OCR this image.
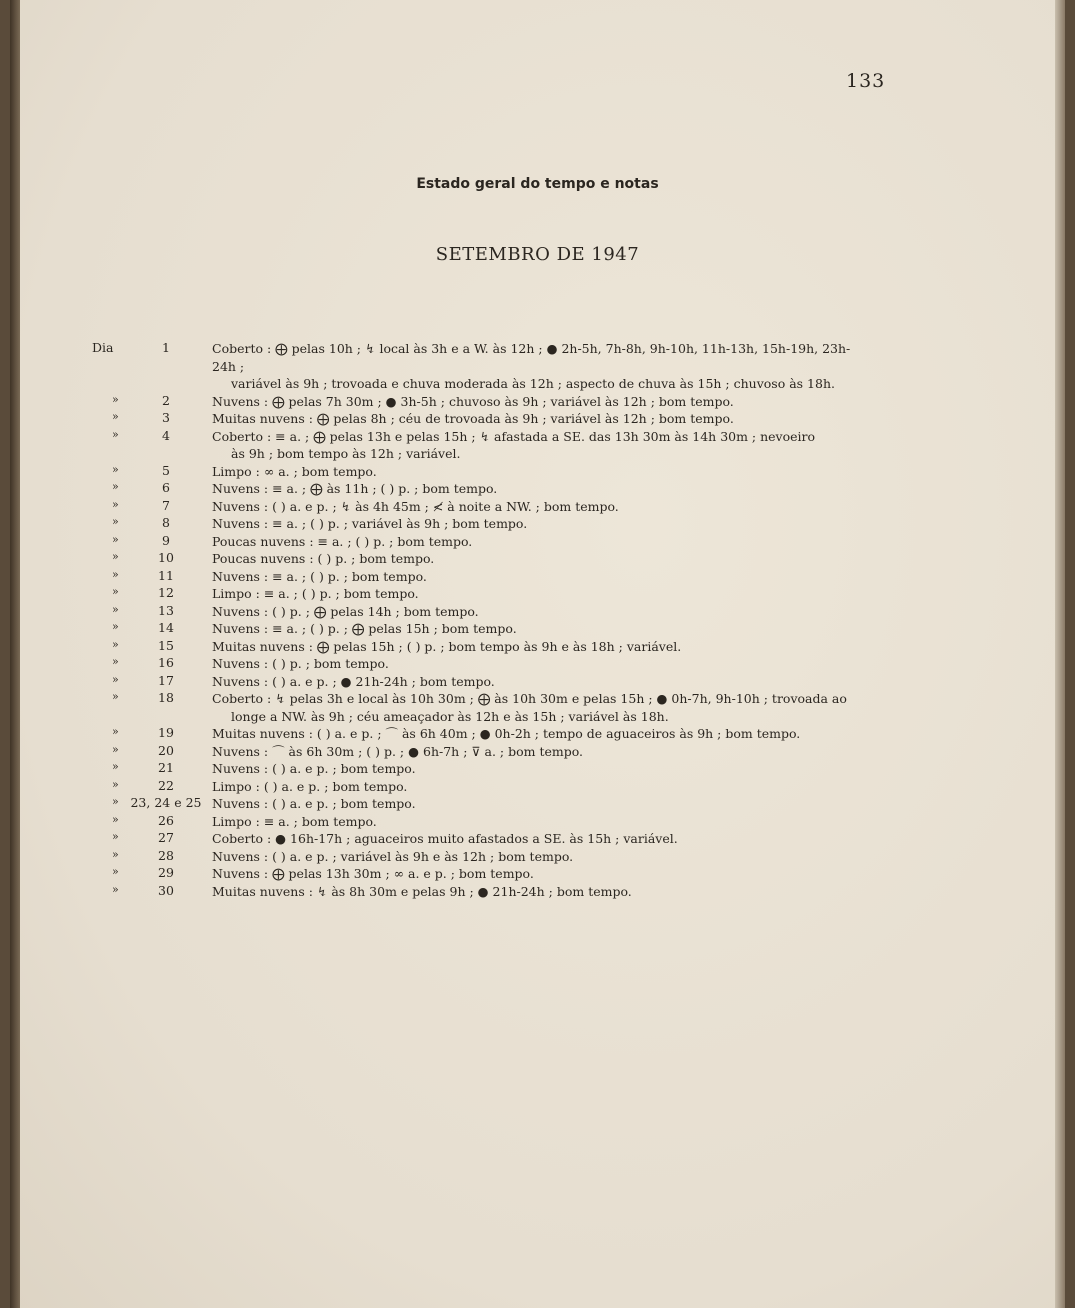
133
Estado geral do tempo e notas
SETEMBRO DE 1947
Dia	1	Coberto : ⨁ pelas 10h ; ↯ local às 3h e a W. às 12h ; ● 2h-5h, 7h-8h, 9h-10h, 11h-13h, 15h-19h, 23h-24h ;
variável às 9h ; trovoada e chuva moderada às 12h ; aspecto de chuva às 15h ; chuvoso às 18h.
»	2	Nuvens : ⨁ pelas 7h 30m ; ● 3h-5h ; chuvoso às 9h ; variável às 12h ; bom tempo.
»	3	Muitas nuvens : ⨁ pelas 8h ; céu de trovoada às 9h ; variável às 12h ; bom tempo.
»	4	Coberto : ≡ a. ; ⨁ pelas 13h e pelas 15h ; ↯ afastada a SE. das 13h 30m às 14h 30m ; nevoeiro
às 9h ; bom tempo às 12h ; variável.
»	5	Limpo : ∞ a. ; bom tempo.
»	6	Nuvens : ≡ a. ; ⨁ às 11h ; ( ) p. ; bom tempo.
»	7	Nuvens : ( ) a. e p. ; ↯ às 4h 45m ; ≮ à noite a NW. ; bom tempo.
»	8	Nuvens : ≡ a. ; ( ) p. ; variável às 9h ; bom tempo.
»	9	Poucas nuvens : ≡ a. ; ( ) p. ; bom tempo.
»	10	Poucas nuvens : ( ) p. ; bom tempo.
»	11	Nuvens : ≡ a. ; ( ) p. ; bom tempo.
»	12	Limpo : ≡ a. ; ( ) p. ; bom tempo.
»	13	Nuvens : ( ) p. ; ⨁ pelas 14h ; bom tempo.
»	14	Nuvens : ≡ a. ; ( ) p. ; ⨁ pelas 15h ; bom tempo.
»	15	Muitas nuvens : ⨁ pelas 15h ; ( ) p. ; bom tempo às 9h e às 18h ; variável.
»	16	Nuvens : ( ) p. ; bom tempo.
»	17	Nuvens : ( ) a. e p. ; ● 21h-24h ; bom tempo.
»	18	Coberto : ↯ pelas 3h e local às 10h 30m ; ⨁ às 10h 30m e pelas 15h ; ● 0h-7h, 9h-10h ; trovoada ao
longe a NW. às 9h ; céu ameaçador às 12h e às 15h ; variável às 18h.
»	19	Muitas nuvens : ( ) a. e p. ; ⌒ às 6h 40m ; ● 0h-2h ; tempo de aguaceiros às 9h ; bom tempo.
»	20	Nuvens : ⌒ às 6h 30m ; ( ) p. ; ● 6h-7h ; ⊽ a. ; bom tempo.
»	21	Nuvens : ( ) a. e p. ; bom tempo.
»	22	Limpo : ( ) a. e p. ; bom tempo.
» 23, 24 e 25 Nuvens : ( ) a. e p. ; bom tempo.
»	26	Limpo : ≡ a. ; bom tempo.
»	27	Coberto : ● 16h-17h ; aguaceiros muito afastados a SE. às 15h ; variável.
»	28	Nuvens : ( ) a. e p. ; variável às 9h e às 12h ; bom tempo.
»	29	Nuvens : ⨁ pelas 13h 30m ; ∞ a. e p. ; bom tempo.
»	30	Muitas nuvens : ↯ às 8h 30m e pelas 9h ; ● 21h-24h ; bom tempo.
